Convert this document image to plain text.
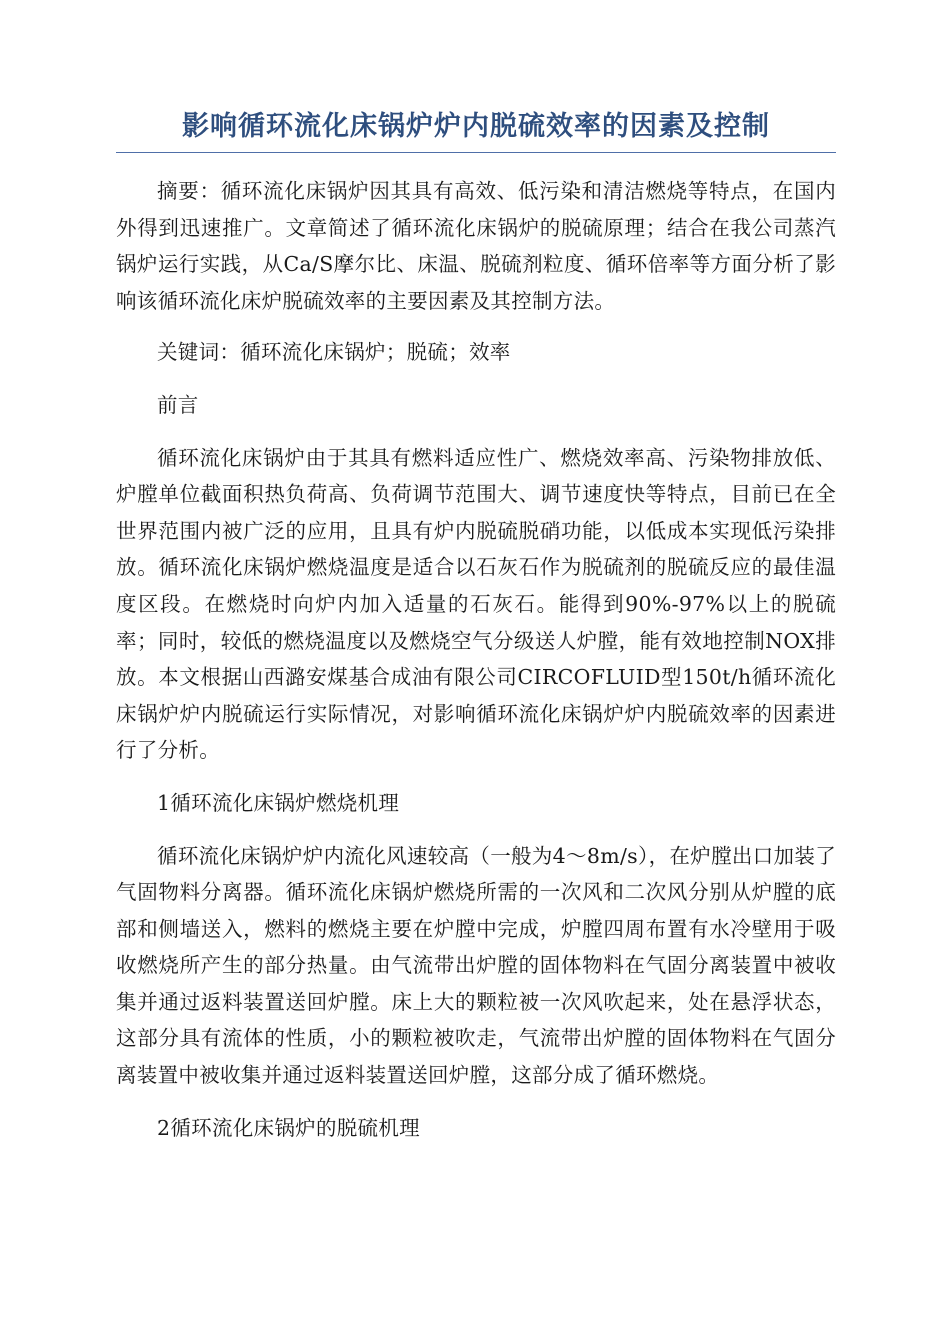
影响循环流化床锅炉炉内脱硫效率的因素及控制

摘要：循环流化床锅炉因其具有高效、低污染和清洁燃烧等特点，在国内外得到迅速推广。文章简述了循环流化床锅炉的脱硫原理；结合在我公司蒸汽锅炉运行实践，从Ca/S摩尔比、床温、脱硫剂粒度、循环倍率等方面分析了影响该循环流化床炉脱硫效率的主要因素及其控制方法。

关键词：循环流化床锅炉；脱硫；效率

前言

循环流化床锅炉由于其具有燃料适应性广、燃烧效率高、污染物排放低、炉膛单位截面积热负荷高、负荷调节范围大、调节速度快等特点，目前已在全世界范围内被广泛的应用，且具有炉内脱硫脱硝功能，以低成本实现低污染排放。循环流化床锅炉燃烧温度是适合以石灰石作为脱硫剂的脱硫反应的最佳温度区段。在燃烧时向炉内加入适量的石灰石。能得到90%-97%以上的脱硫率；同时，较低的燃烧温度以及燃烧空气分级送人炉膛，能有效地控制NOX排放。本文根据山西潞安煤基合成油有限公司CIRCOFLUID型150t/h循环流化床锅炉炉内脱硫运行实际情况，对影响循环流化床锅炉炉内脱硫效率的因素进行了分析。

1循环流化床锅炉燃烧机理

循环流化床锅炉炉内流化风速较高（一般为4～8m/s），在炉膛出口加装了气固物料分离器。循环流化床锅炉燃烧所需的一次风和二次风分别从炉膛的底部和侧墙送入，燃料的燃烧主要在炉膛中完成，炉膛四周布置有水冷壁用于吸收燃烧所产生的部分热量。由气流带出炉膛的固体物料在气固分离装置中被收集并通过返料装置送回炉膛。床上大的颗粒被一次风吹起来，处在悬浮状态，这部分具有流体的性质，小的颗粒被吹走，气流带出炉膛的固体物料在气固分离装置中被收集并通过返料装置送回炉膛，这部分成了循环燃烧。

2循环流化床锅炉的脱硫机理
